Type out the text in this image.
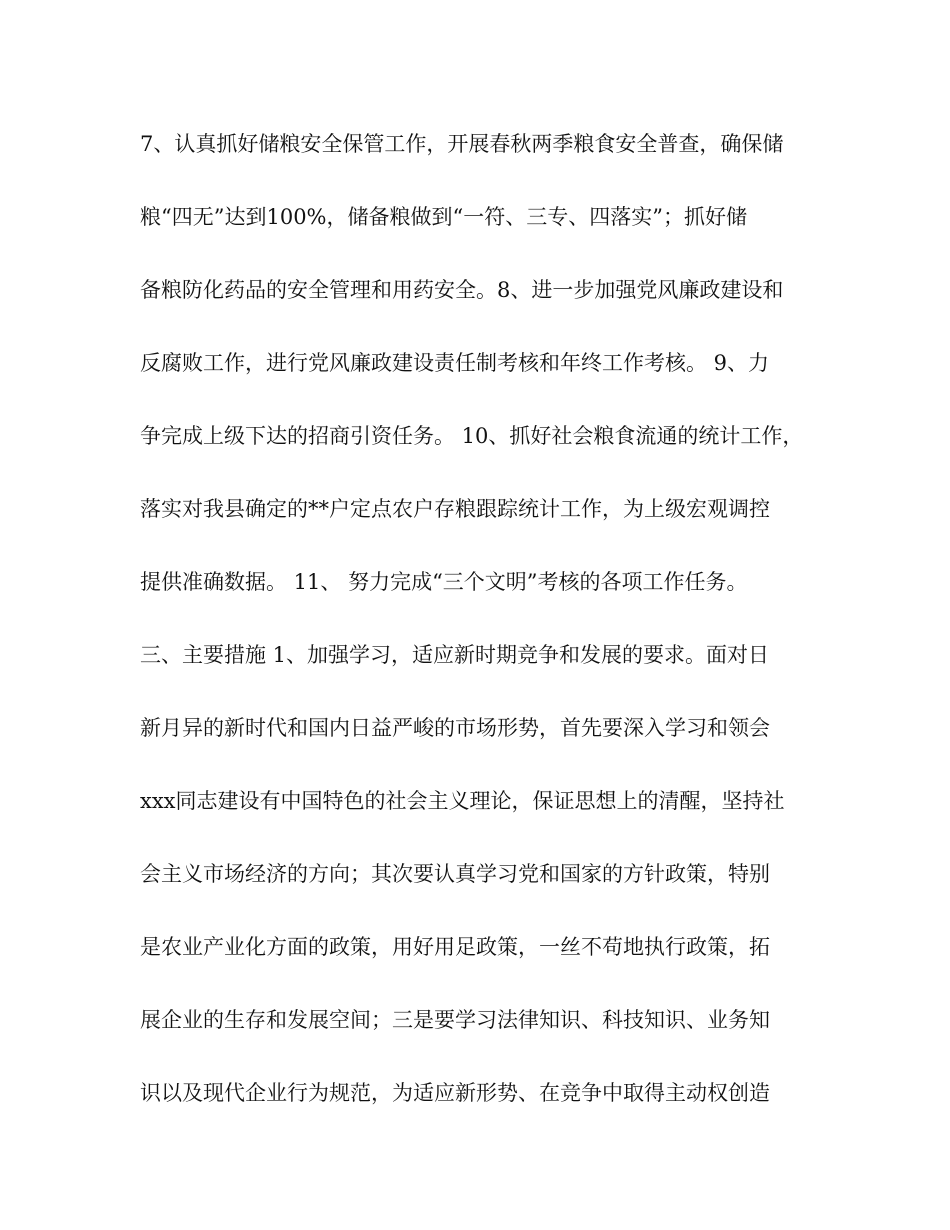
7、认真抓好储粮安全保管工作，开展春秋两季粮食安全普查，确保储
粮“四无”达到100%，储备粮做到“一符、三专、四落实”；抓好储
备粮防化药品的安全管理和用药安全。8、进一步加强党风廉政建设和
反腐败工作，进行党风廉政建设责任制考核和年终工作考核。 9、力
争完成上级下达的招商引资任务。 10、抓好社会粮食流通的统计工作，
落实对我县确定的**户定点农户存粮跟踪统计工作，为上级宏观调控
提供准确数据。 11、 努力完成“三个文明”考核的各项工作任务。
三、主要措施 1、加强学习，适应新时期竞争和发展的要求。面对日
新月异的新时代和国内日益严峻的市场形势，首先要深入学习和领会
xxx同志建设有中国特色的社会主义理论，保证思想上的清醒，坚持社
会主义市场经济的方向；其次要认真学习党和国家的方针政策，特别
是农业产业化方面的政策，用好用足政策，一丝不苟地执行政策，拓
展企业的生存和发展空间；三是要学习法律知识、科技知识、业务知
识以及现代企业行为规范，为适应新形势、在竞争中取得主动权创造
